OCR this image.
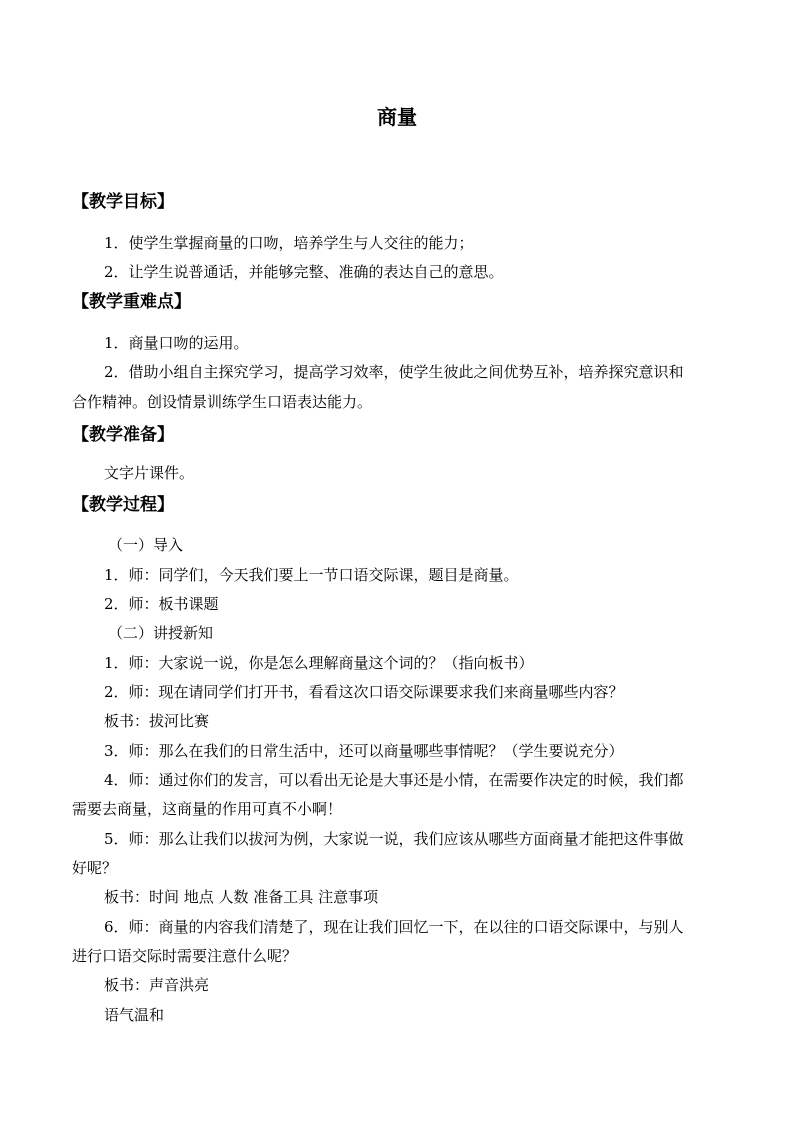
商量
【教学目标】
1．使学生掌握商量的口吻，培养学生与人交往的能力；
2．让学生说普通话，并能够完整、准确的表达自己的意思。
【教学重难点】
1．商量口吻的运用。
2．借助小组自主探究学习，提高学习效率，使学生彼此之间优势互补，培养探究意识和
合作精神。创设情景训练学生口语表达能力。
【教学准备】
文字片课件。
【教学过程】
（一）导入
1．师：同学们，今天我们要上一节口语交际课，题目是商量。
2．师：板书课题
（二）讲授新知
1．师：大家说一说，你是怎么理解商量这个词的？（指向板书）
2．师：现在请同学们打开书，看看这次口语交际课要求我们来商量哪些内容？
板书：拔河比赛
3．师：那么在我们的日常生活中，还可以商量哪些事情呢？（学生要说充分）
4．师：通过你们的发言，可以看出无论是大事还是小情，在需要作决定的时候，我们都
需要去商量，这商量的作用可真不小啊！
5．师：那么让我们以拔河为例，大家说一说，我们应该从哪些方面商量才能把这件事做
好呢？
板书：时间 地点 人数 准备工具 注意事项
6．师：商量的内容我们清楚了，现在让我们回忆一下，在以往的口语交际课中，与别人
进行口语交际时需要注意什么呢？
板书：声音洪亮
语气温和
